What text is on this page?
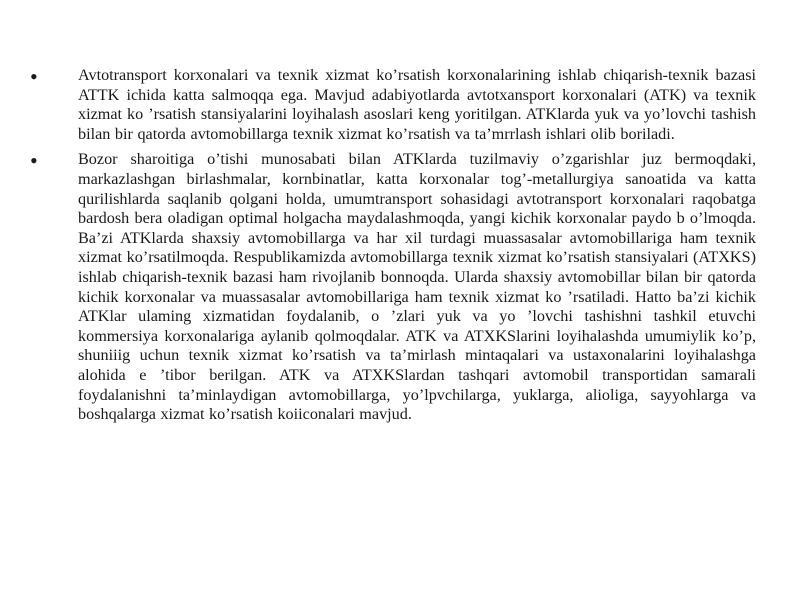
• Avtotransport korxonalari va texnik xizmat ko’rsatish korxonalarining ishlab chiqarish-texnik bazasi ATTK ichida katta salmoqqa ega. Mavjud adabiyotlarda avtotxansport korxonalari (ATK) va texnik xizmat ko ’rsatish stansiyalarini loyihalash asoslari keng yoritilgan. ATKlarda yuk va yo’lovchi tashish bilan bir qatorda avtomobillarga texnik xizmat ko’rsatish va ta’mrrlash ishlari olib boriladi.

• Bozor sharoitiga o’tishi munosabati bilan ATKlarda tuzilmaviy o’zgarishlar juz bermoqdaki, markazlashgan birlashmalar, kornbinatlar, katta korxonalar tog’-metallurgiya sanoatida va katta qurilishlarda saqlanib qolgani holda, umumtransport sohasidagi avtotransport korxonalari raqobatga bardosh bera oladigan optimal holgacha maydalashmoqda, yangi kichik korxonalar paydo b o’lmoqda. Ba’zi ATKlarda shaxsiy avtomobillarga va har xil turdagi muassasalar avtomobillariga ham texnik xizmat ko’rsatilmoqda. Respublikamizda avtomobillarga texnik xizmat ko’rsatish stansiyalari (ATXKS) ishlab chiqarish-texnik bazasi ham rivojlanib bonnoqda. Ularda shaxsiy avtomobillar bilan bir qatorda kichik korxonalar va muassasalar avtomobillariga ham texnik xizmat ko ’rsatiladi. Hatto ba’zi kichik ATKlar ulaming xizmatidan foydalanib, o ’zlari yuk va yo ’lovchi tashishni tashkil etuvchi kommersiya korxonalariga aylanib qolmoqdalar. ATK va ATXKSlarini loyihalashda umumiylik ko’p, shuniiig uchun texnik xizmat ko’rsatish va ta’mirlash mintaqalari va ustaxonalarini loyihalashga alohida e ’tibor berilgan. ATK va ATXKSlardan tashqari avtomobil transportidan samarali foydalanishni ta’minlaydigan avtomobillarga, yo’lpvchilarga, yuklarga, alioliga, sayyohlarga va boshqalarga xizmat ko’rsatish koiiconalari mavjud.
